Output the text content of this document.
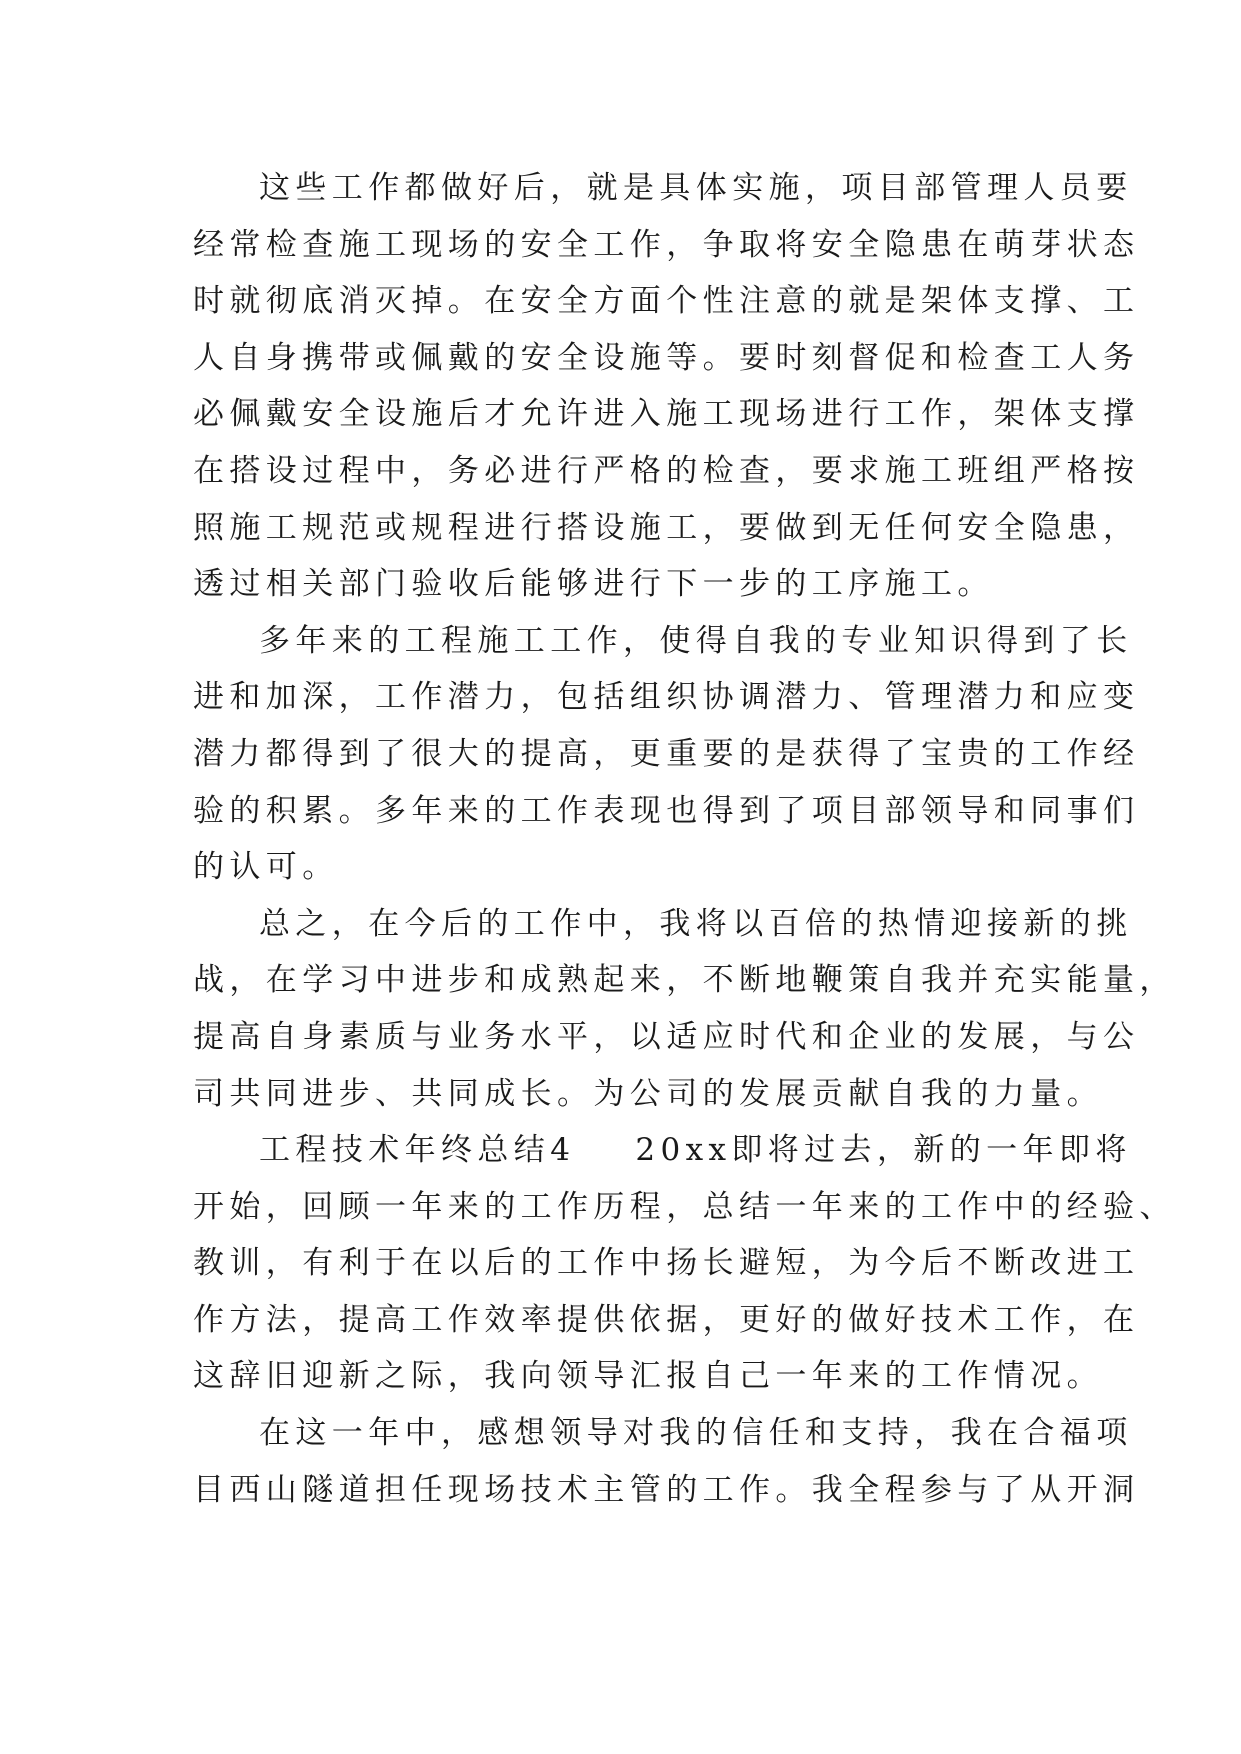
这些工作都做好后，就是具体实施，项目部管理人员要
经常检查施工现场的安全工作，争取将安全隐患在萌芽状态
时就彻底消灭掉。在安全方面个性注意的就是架体支撑、工
人自身携带或佩戴的安全设施等。要时刻督促和检查工人务
必佩戴安全设施后才允许进入施工现场进行工作，架体支撑
在搭设过程中，务必进行严格的检查，要求施工班组严格按
照施工规范或规程进行搭设施工，要做到无任何安全隐患，
透过相关部门验收后能够进行下一步的工序施工。
多年来的工程施工工作，使得自我的专业知识得到了长
进和加深，工作潜力，包括组织协调潜力、管理潜力和应变
潜力都得到了很大的提高，更重要的是获得了宝贵的工作经
验的积累。多年来的工作表现也得到了项目部领导和同事们
的认可。
总之，在今后的工作中，我将以百倍的热情迎接新的挑
战，在学习中进步和成熟起来，不断地鞭策自我并充实能量，
提高自身素质与业务水平，以适应时代和企业的发展，与公
司共同进步、共同成长。为公司的发展贡献自我的力量。
工程技术年终总结4 20xx即将过去，新的一年即将
开始，回顾一年来的工作历程，总结一年来的工作中的经验、
教训，有利于在以后的工作中扬长避短，为今后不断改进工
作方法，提高工作效率提供依据，更好的做好技术工作，在
这辞旧迎新之际，我向领导汇报自己一年来的工作情况。
在这一年中，感想领导对我的信任和支持，我在合福项
目西山隧道担任现场技术主管的工作。我全程参与了从开洞
